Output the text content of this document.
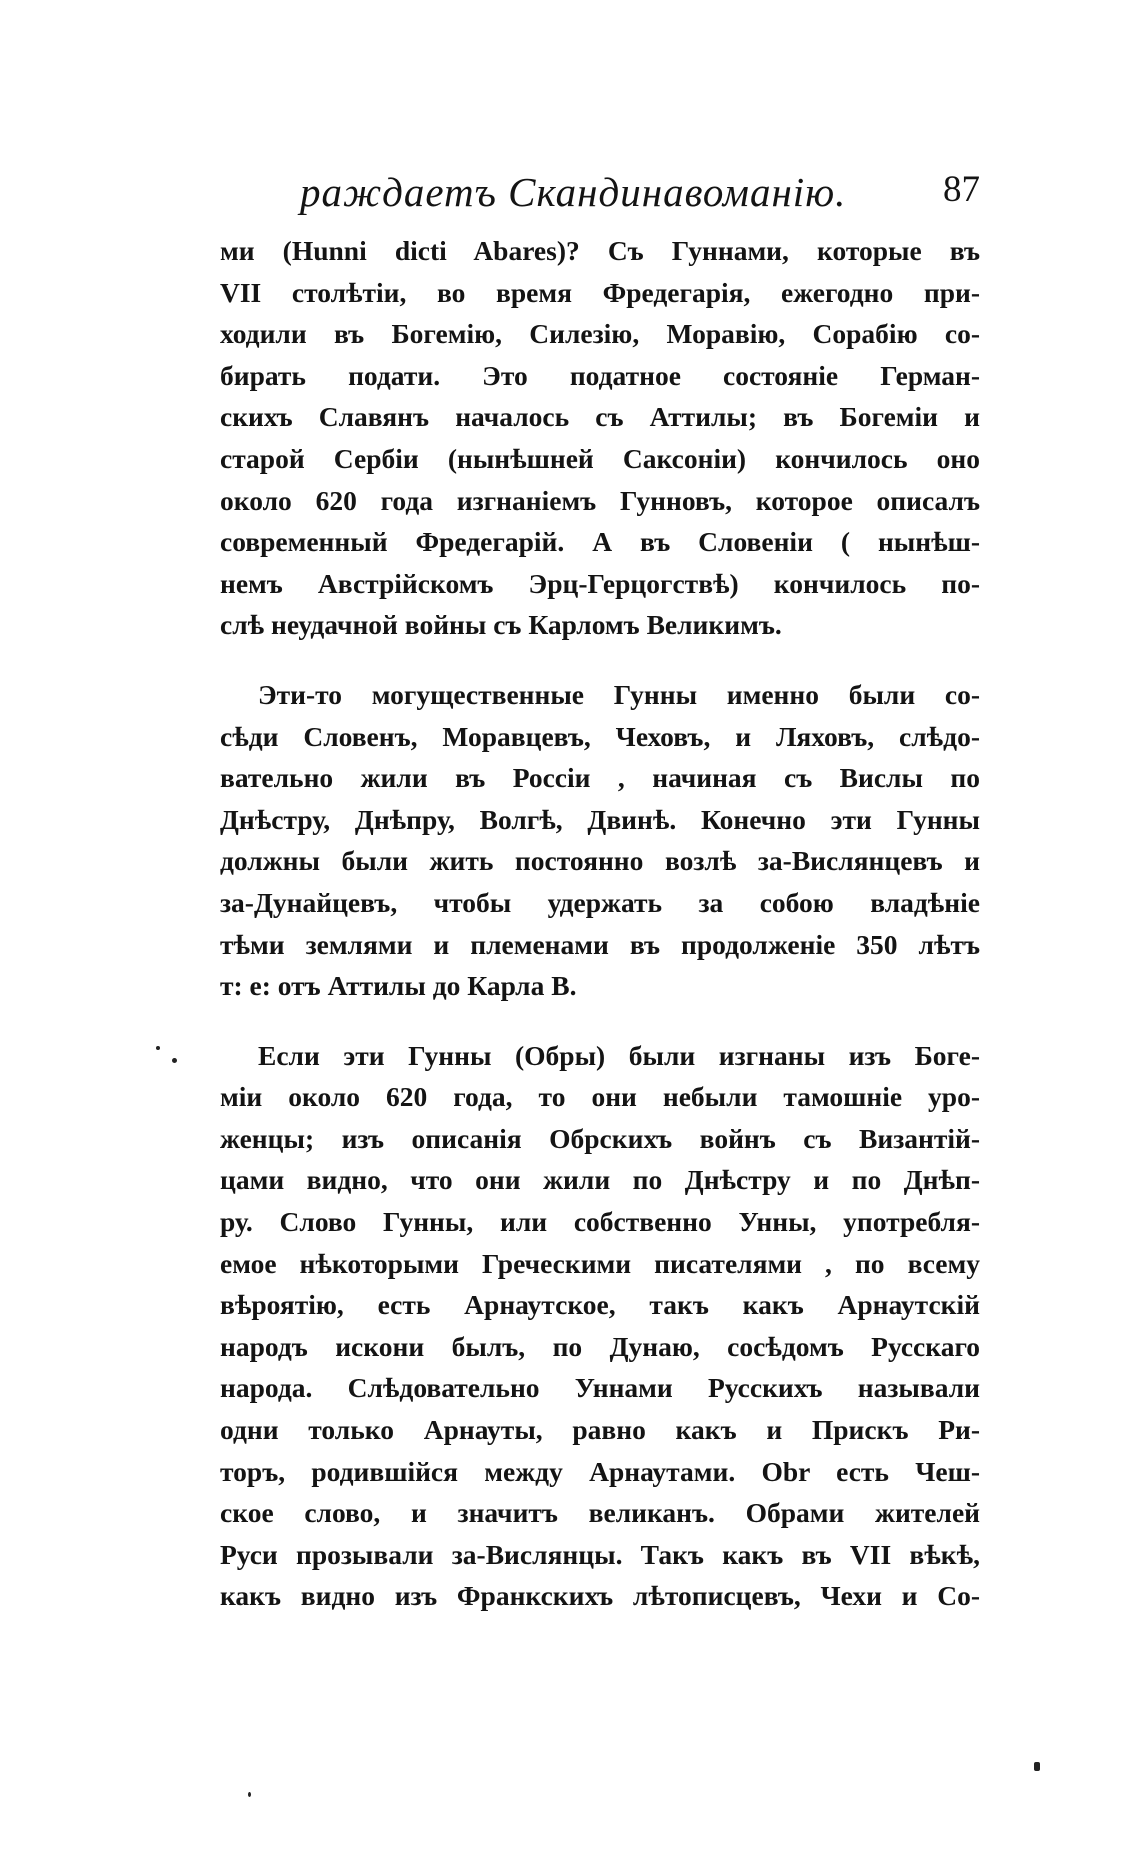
раждаетъ Скандинавоманію.	87
ми (Hunni dicti Abares)? Съ Гуннами, которые въ
VII столѣтіи, во время Фредегарія, ежегодно при-
ходили въ Богемію, Силезію, Моравію, Сорабію со-
бирать подати. Это податное состояніе Герман-
скихъ Славянъ началось съ Аттилы; въ Богеміи и
старой Сербіи (нынѣшней Саксоніи) кончилось оно
около 620 года изгнаніемъ Гунновъ, которое описалъ
современный Фредегарій. А въ Словеніи ( нынѣш-
немъ Австрійскомъ Эрц-Герцогствѣ) кончилось по-
слѣ неудачной войны съ Карломъ Великимъ.
Эти-то могущественные Гунны именно были со-
сѣди Словенъ, Моравцевъ, Чеховъ, и Ляховъ, слѣдо-
вательно жили въ Россіи , начиная съ Вислы по
Днѣстру, Днѣпру, Волгѣ, Двинѣ. Конечно эти Гунны
должны были жить постоянно возлѣ за-Вислянцевъ и
за-Дунайцевъ, чтобы удержать за собою владѣніе
тѣми землями и племенами въ продолженіе 350 лѣтъ
т: е: отъ Аттилы до Карла В.
Если эти Гунны (Обры) были изгнаны изъ Боге-
міи около 620 года, то они небыли тамошніе уро-
женцы; изъ описанія Обрскихъ войнъ съ Византій-
цами видно, что они жили по Днѣстру и по Днѣп-
ру. Слово Гунны, или собственно Унны, употребля-
емое нѣкоторыми Греческими писателями , по всему
вѣроятію, есть Арнаутское, такъ какъ Арнаутскій
народъ искони былъ, по Дунаю, сосѣдомъ Русскаго
народа. Слѣдовательно Уннами Русскихъ называли
одни только Арнауты, равно какъ и Прискъ Ри-
торъ, родившійся между Арнаутами. Obr есть Чеш-
ское слово, и значитъ великанъ. Обрами жителей
Руси прозывали за-Вислянцы. Такъ какъ въ VII вѣкѣ,
какъ видно изъ Франкскихъ лѣтописцевъ, Чехи и Со-
